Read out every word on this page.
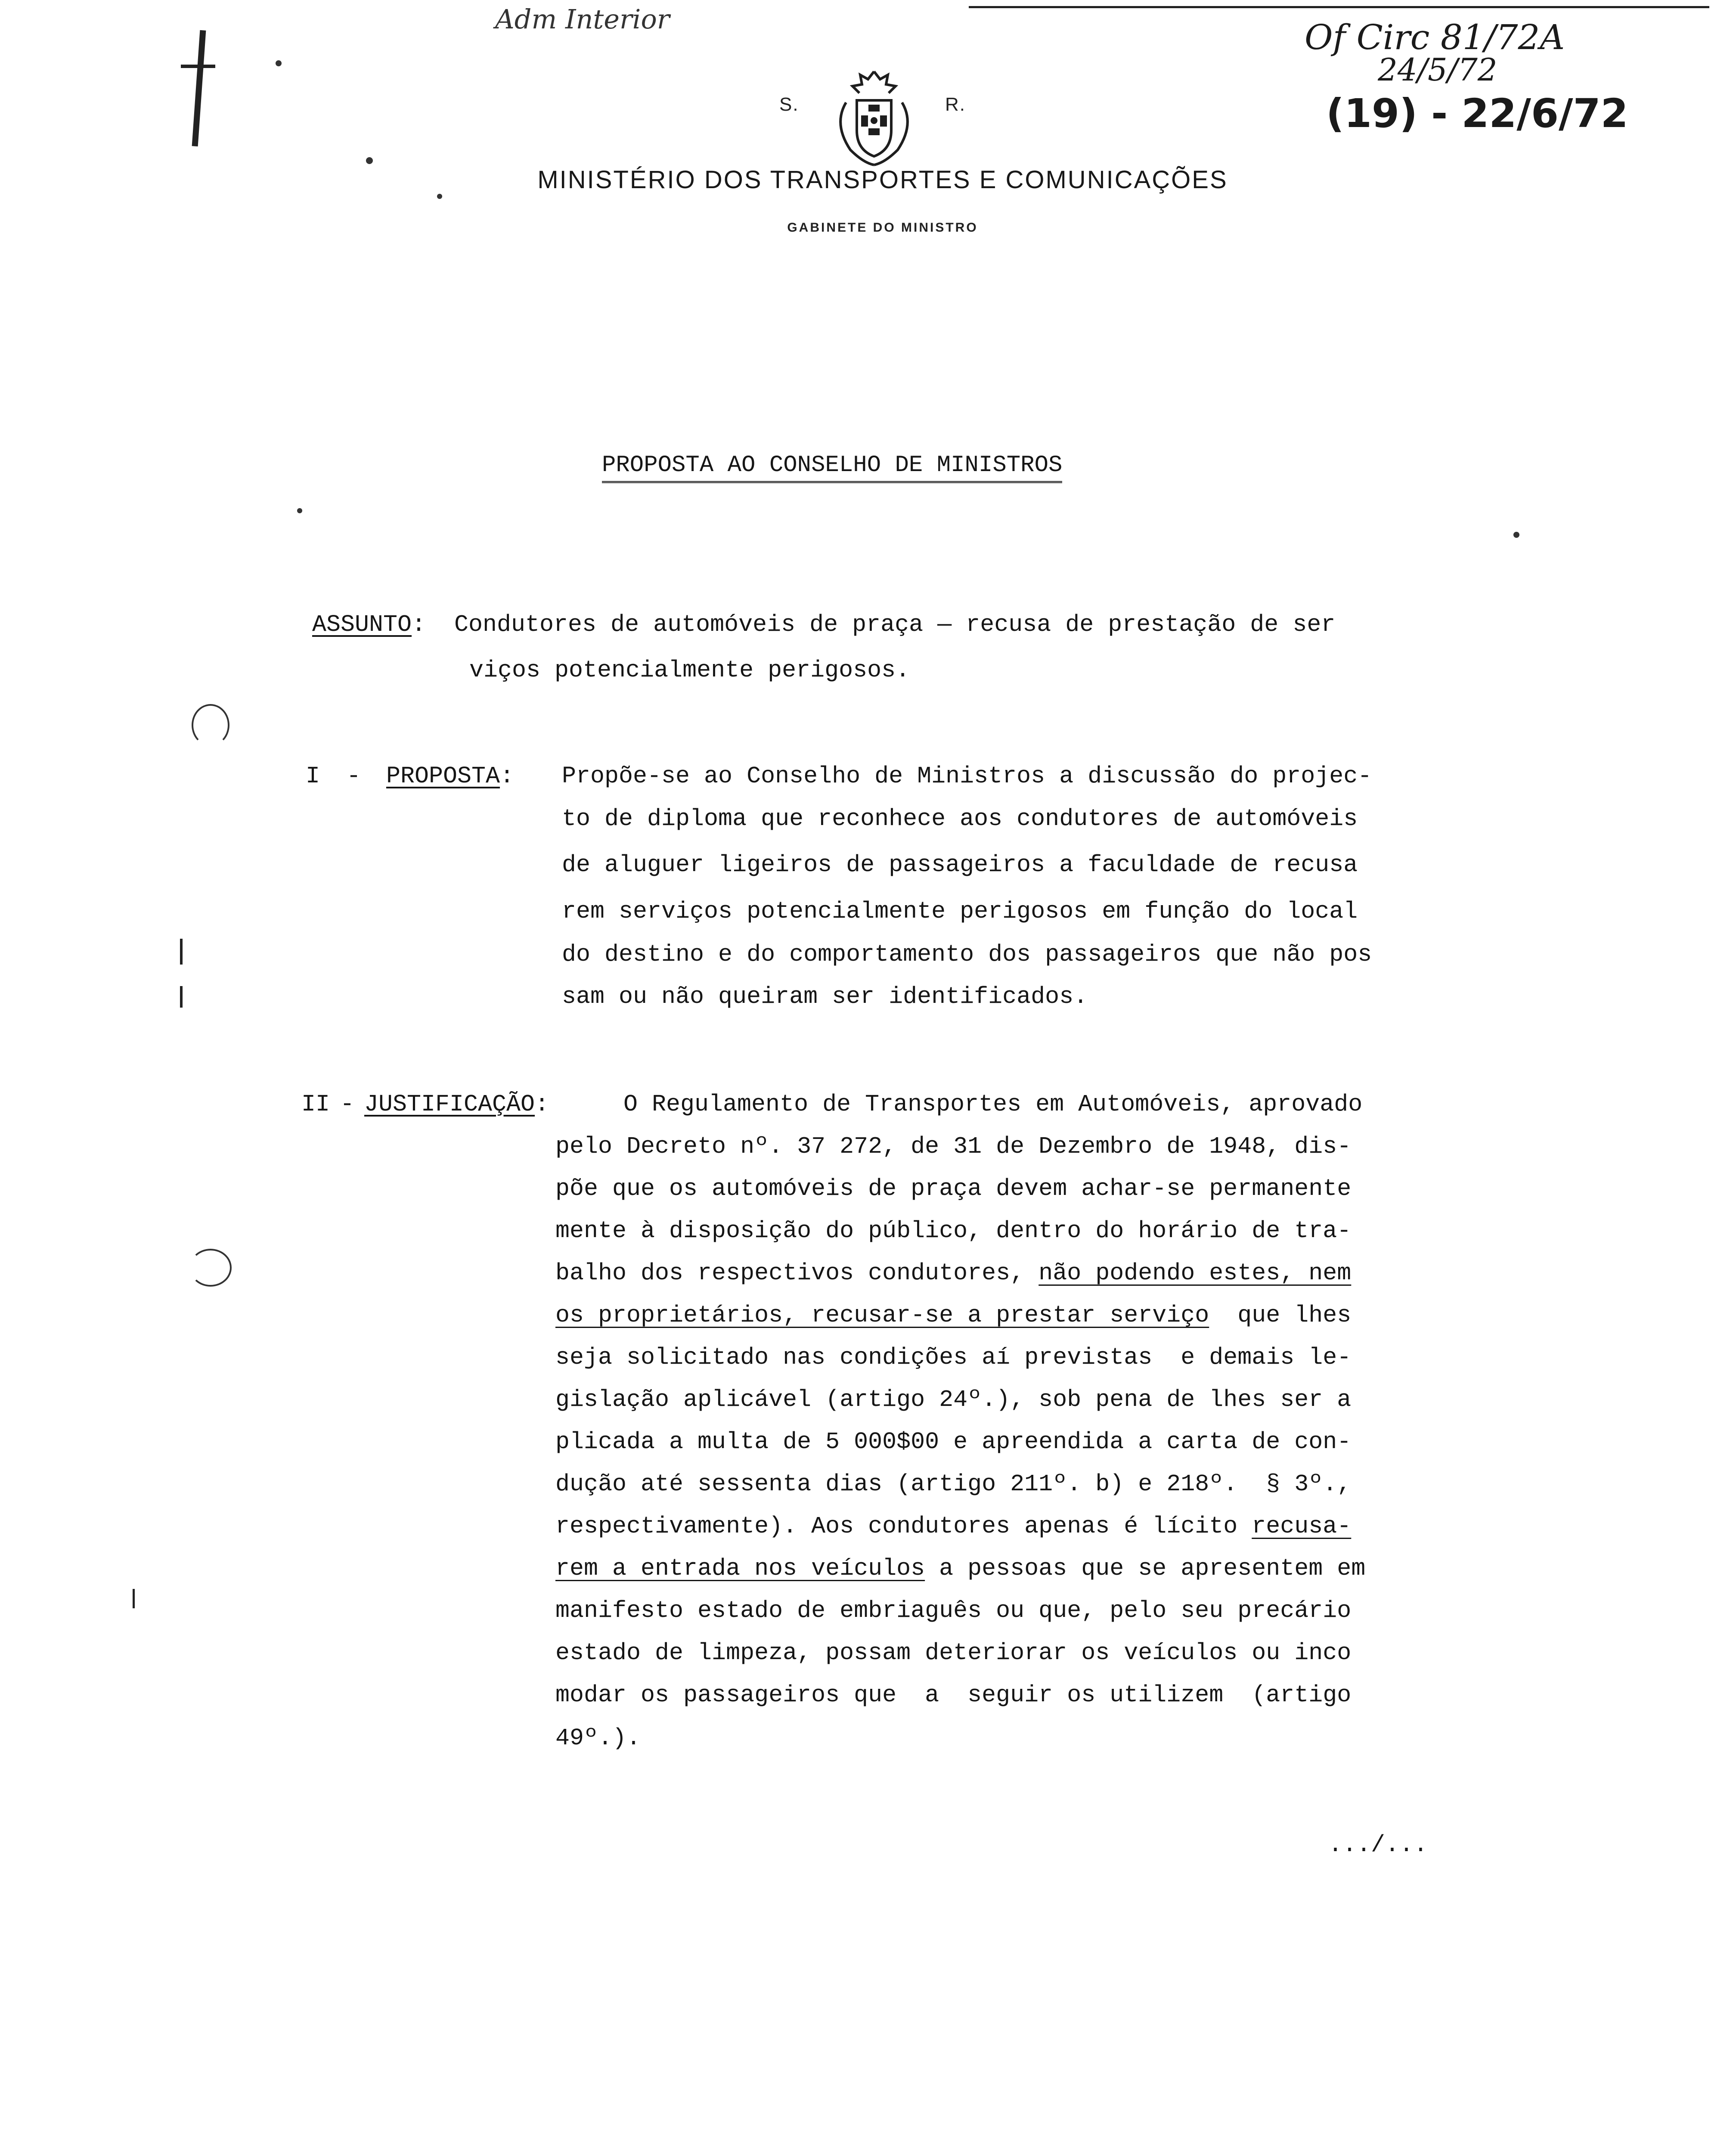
Adm Interior	Of Circ 81/72A
24/5/72
(19) - 22/6/72
S.	R.
MINISTÉRIO DOS TRANSPORTES E COMUNICAÇÕES
GABINETE DO MINISTRO
PROPOSTA AO CONSELHO DE MINISTROS
ASSUNTO: Condutores de automóveis de praça — recusa de prestação de ser
viços potencialmente perigosos.
I - PROPOSTA: Propõe-se ao Conselho de Ministros a discussão do projec-
to de diploma que reconhece aos condutores de automóveis
de aluguer ligeiros de passageiros a faculdade de recusa
rem serviços potencialmente perigosos em função do local
do destino e do comportamento dos passageiros que não pos
sam ou não queiram ser identificados.
II - JUSTIFICAÇÃO:	O Regulamento de Transportes em Automóveis, aprovado
pelo Decreto nº. 37 272, de 31 de Dezembro de 1948, dis-
põe que os automóveis de praça devem achar-se permanente
mente à disposição do público, dentro do horário de tra-
balho dos respectivos condutores, não podendo estes, nem
os proprietários, recusar-se a prestar serviço  que lhes
seja solicitado nas condições aí previstas  e demais le-
gislação aplicável (artigo 24º.), sob pena de lhes ser a
plicada a multa de 5 000$00 e apreendida a carta de con-
dução até sessenta dias (artigo 211º. b) e 218º.  § 3º.,
respectivamente). Aos condutores apenas é lícito recusa-
rem a entrada nos veículos a pessoas que se apresentem em
manifesto estado de embriaguês ou que, pelo seu precário
estado de limpeza, possam deteriorar os veículos ou inco
modar os passageiros que  a  seguir os utilizem  (artigo
49º.).
.../...
